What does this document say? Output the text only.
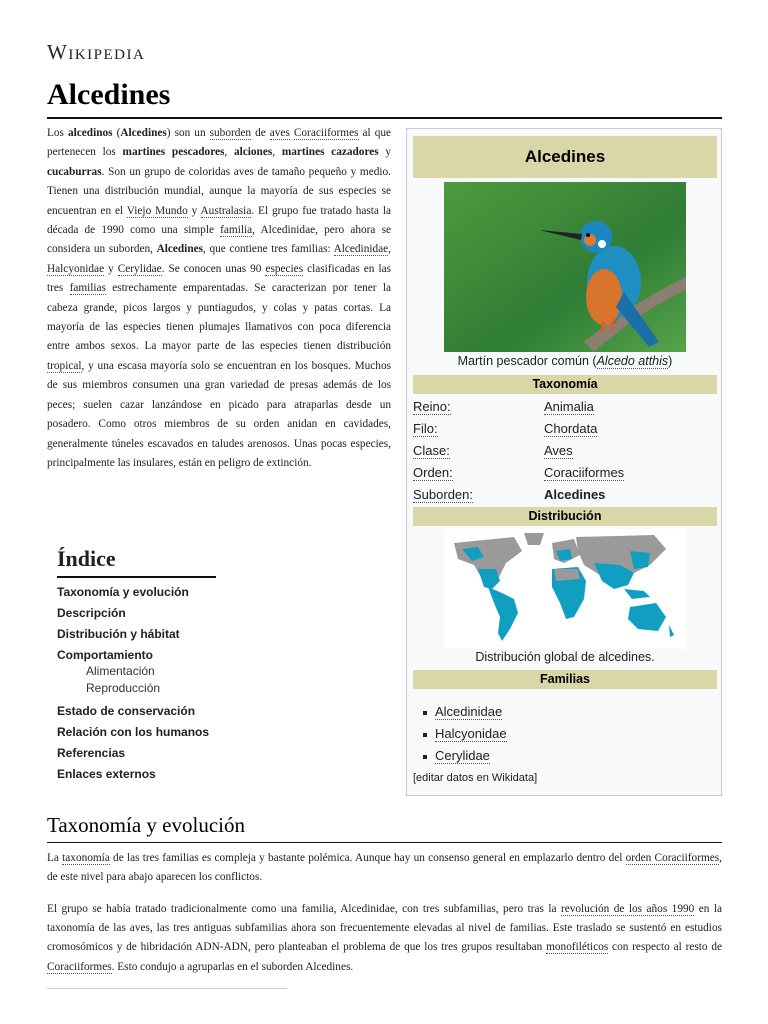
Wikipedia
Alcedines

Los alcedinos (Alcedines) son un suborden de aves Coraciiformes al que pertenecen los martines pescadores, alciones, martines cazadores y cucaburras. Son un grupo de coloridas aves de tamaño pequeño y medio. Tienen una distribución mundial, aunque la mayoría de sus especies se encuentran en el Viejo Mundo y Australasia. El grupo fue tratado hasta la década de 1990 como una simple familia, Alcedinidae, pero ahora se considera un suborden, Alcedines, que contiene tres familias: Alcedinidae, Halcyonidae y Cerylidae. Se conocen unas 90 especies clasificadas en las tres familias estrechamente emparentadas. Se caracterizan por tener la cabeza grande, picos largos y puntiagudos, y colas y patas cortas. La mayoría de las especies tienen plumajes llamativos con poca diferencia entre ambos sexos. La mayor parte de las especies tienen distribución tropical, y una escasa mayoría solo se encuentran en los bosques. Muchos de sus miembros consumen una gran variedad de presas además de los peces; suelen cazar lanzándose en picado para atraparlas desde un posadero. Como otros miembros de su orden anidan en cavidades, generalmente túneles escavados en taludes arenosos. Unas pocas especies, principalmente las insulares, están en peligro de extinción.

Alcedines
Martín pescador común (Alcedo atthis)
Taxonomía
Reino:	Animalia
Filo:	Chordata
Clase:	Aves
Orden:	Coraciiformes
Suborden:	Alcedines
Distribución
Distribución global de alcedines.
Familias
Alcedinidae
Halcyonidae
Cerylidae
[editar datos en Wikidata]
Índice
Taxonomía y evolución
Descripción
Distribución y hábitat
Comportamiento
Alimentación
Reproducción
Estado de conservación
Relación con los humanos
Referencias
Enlaces externos
Taxonomía y evolución

La taxonomía de las tres familias es compleja y bastante polémica. Aunque hay un consenso general en emplazarlo dentro del orden Coraciiformes, de este nivel para abajo aparecen los conflictos.

El grupo se había tratado tradicionalmente como una familia, Alcedinidae, con tres subfamilias, pero tras la revolución de los años 1990 en la taxonomía de las aves, las tres antiguas subfamilias ahora son frecuentemente elevadas al nivel de familias. Este traslado se sustentó en estudios cromosómicos y de hibridación ADN-ADN, pero planteaban el problema de que los tres grupos resultaban monofiléticos con respecto al resto de Coraciiformes. Esto condujo a agruparlas en el suborden Alcedines.
